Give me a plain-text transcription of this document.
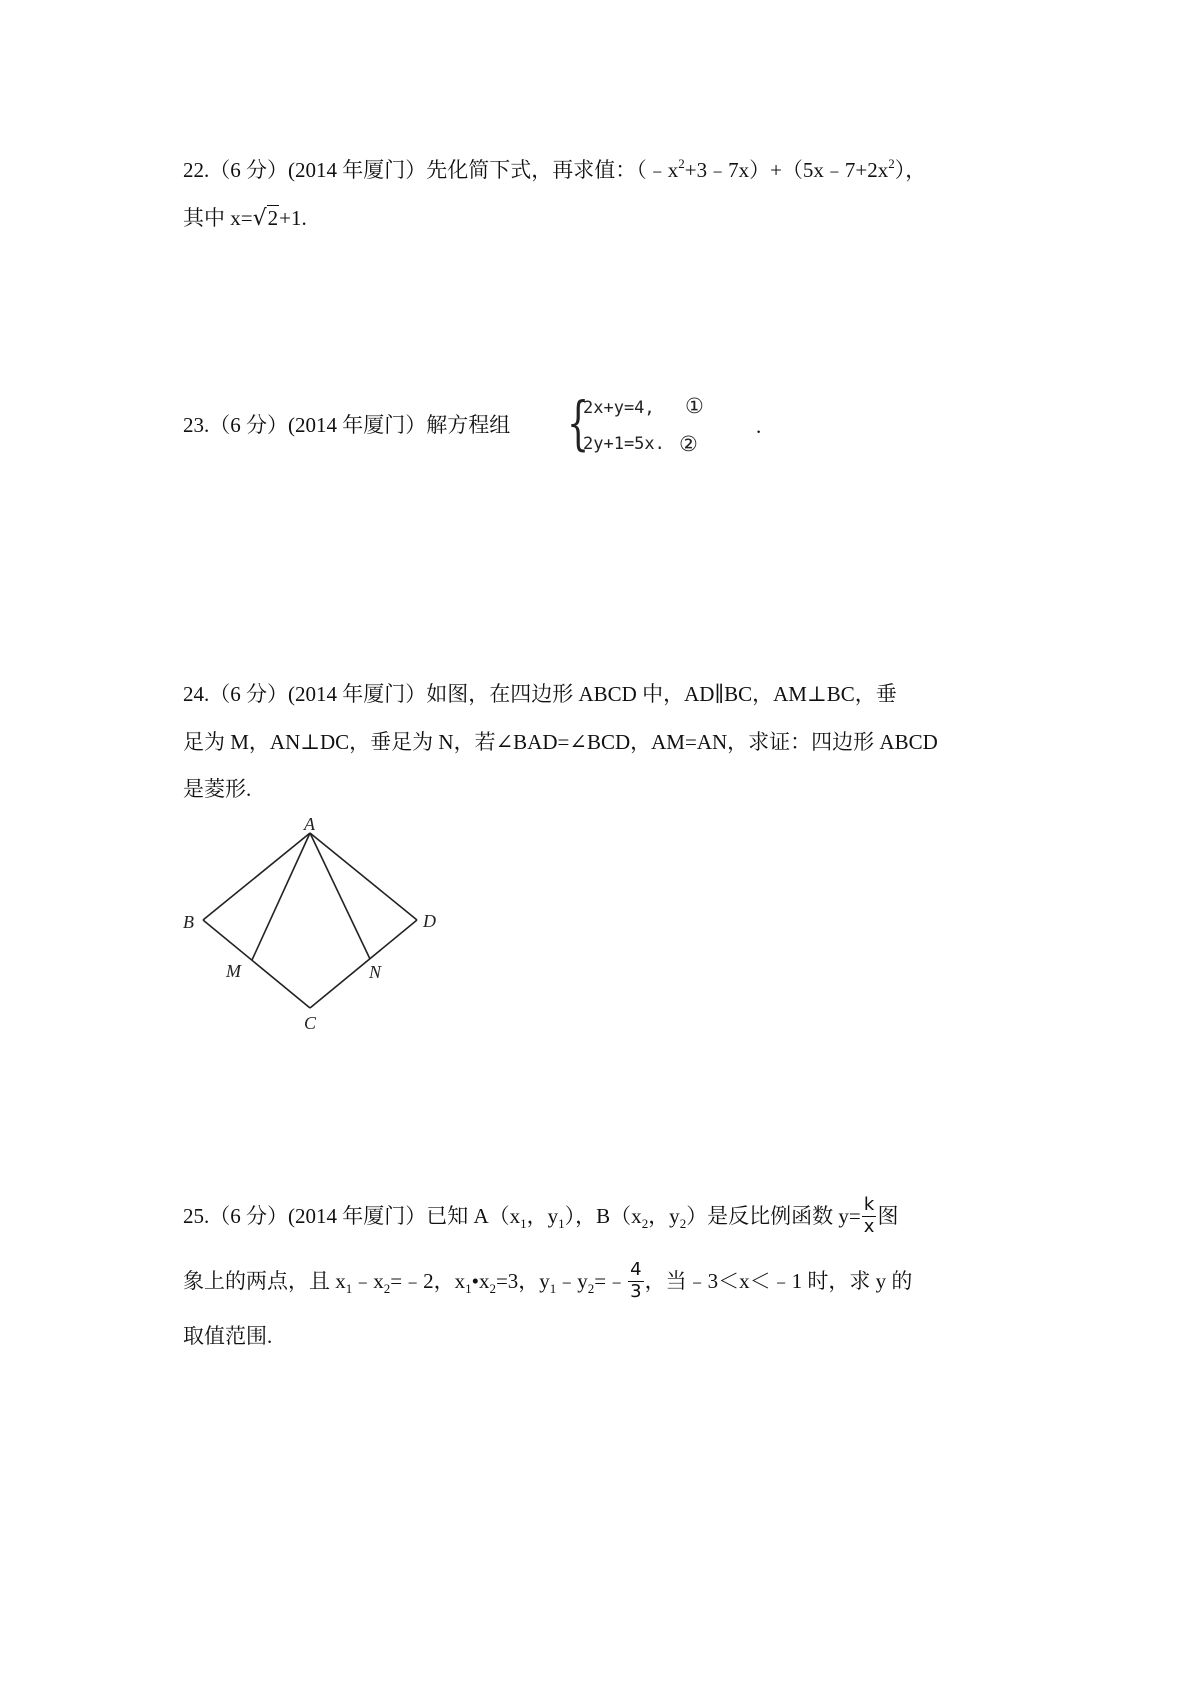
22.（6 分）(2014 年厦门）先化简下式，再求值：$(﹣x^2+3﹣7x)+(5x﹣7+2x^2)$，
其中 x=√2+1.
23.（6 分）(2014 年厦门）解方程组 {
2x+y=4,
2y+1=5x.
①
②
.
24.（6 分）(2014 年厦门）如图，在四边形 ABCD 中，AD∥BC，AM⊥BC，垂
足为 M，AN⊥DC，垂足为 N，若∠BAD=∠BCD，AM=AN，求证：四边形 ABCD
是菱形.
A
B	D
M	N
C
25.（6 分）(2014 年厦门）已知 $A(x_1$，$y_1$），$B(x_2$，$y_2$）是反比例函数 $y= \frac{k}{x}$ 图
象上的两点，且 $x_1﹣x_2=﹣2$，$x_1•x_2=3$，$y_1﹣y_2=﹣ \frac{4}{3}$ ，当﹣3＜x＜﹣1 时，求 y 的
取值范围.
